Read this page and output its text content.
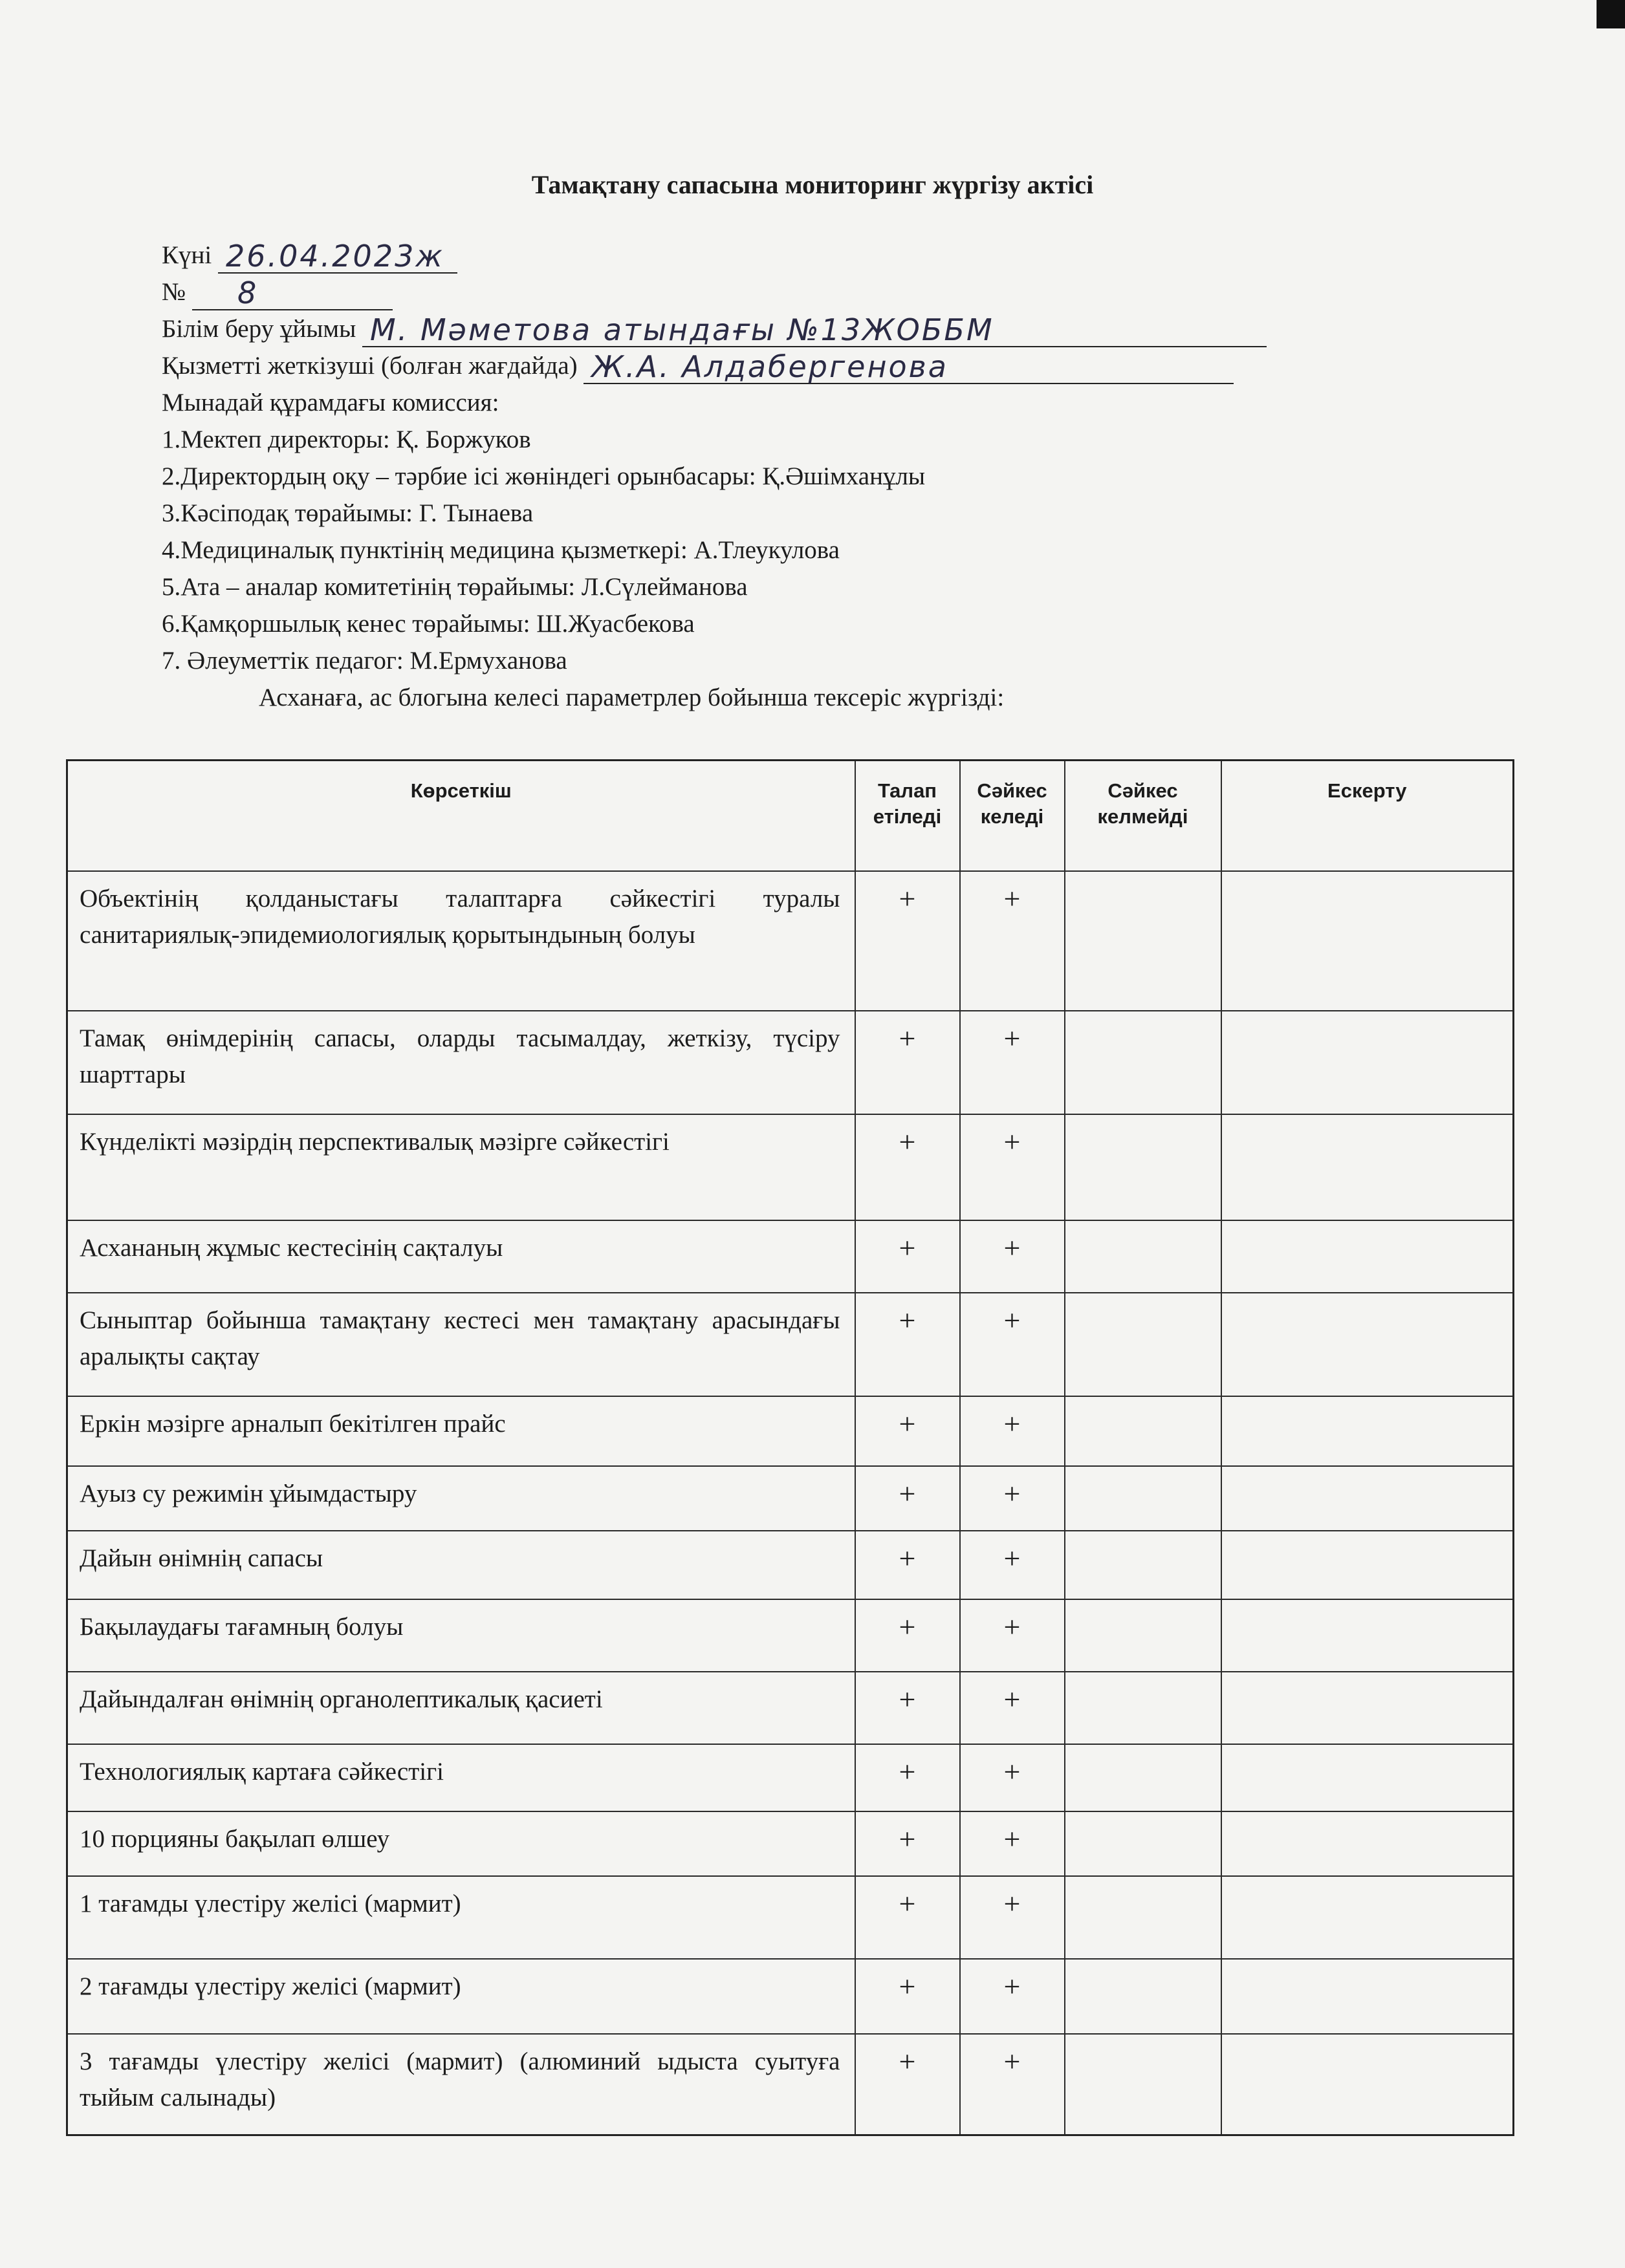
Тамақтану сапасына мониторинг жүргізу актісі
Күні 26.04.2023ж
№ 8
Білім беру ұйымы М. Мәметова атындағы №13ЖОББМ
Қызметті жеткізуші (болған жағдайда) Ж.А. Алдабергенова
Мынадай құрамдағы комиссия:
1.Мектеп директоры: Қ. Боржуков
2.Директордың оқу – тәрбие ісі жөніндегі орынбасары: Қ.Әшімханұлы
3.Кәсіподақ төрайымы: Г. Тынаева
4.Медициналық пунктінің медицина қызметкері: А.Тлеукулова
5.Ата – аналар комитетінің төрайымы: Л.Сүлейманова
6.Қамқоршылық кенес төрайымы: Ш.Жуасбекова
7. Әлеуметтік педагог: М.Ермуханова
Асханаға, ас блогына келесі параметрлер бойынша тексеріс жүргізді:
Көрсеткіш	Талап етіледі	Сәйкес келеді	Сәйкес келмейді	Ескерту
Объектінің қолданыстағы талаптарға сәйкестігі туралы санитариялық-эпидемиологиялық қорытындының болуы	+	+		
Тамақ өнімдерінің сапасы, оларды тасымалдау, жеткізу, түсіру шарттары	+	+		
Күнделікті мәзірдің перспективалық мәзірге сәйкестігі	+	+		
Асхананың жұмыс кестесінің сақталуы	+	+		
Сыныптар бойынша тамақтану кестесі мен тамақтану арасындағы аралықты сақтау	+	+		
Еркін мәзірге арналып бекітілген прайс	+	+		
Ауыз су режимін ұйымдастыру	+	+		
Дайын өнімнің сапасы	+	+		
Бақылаудағы тағамның болуы	+	+		
Дайындалған өнімнің органолептикалық қасиеті	+	+		
Технологиялық картаға сәйкестігі	+	+		
10 порцияны бақылап өлшеу	+	+		
1 тағамды үлестіру желісі (мармит)	+	+		
2 тағамды үлестіру желісі (мармит)	+	+		
3 тағамды үлестіру желісі (мармит) (алюминий ыдыста суытуға тыйым салынады)	+	+		
